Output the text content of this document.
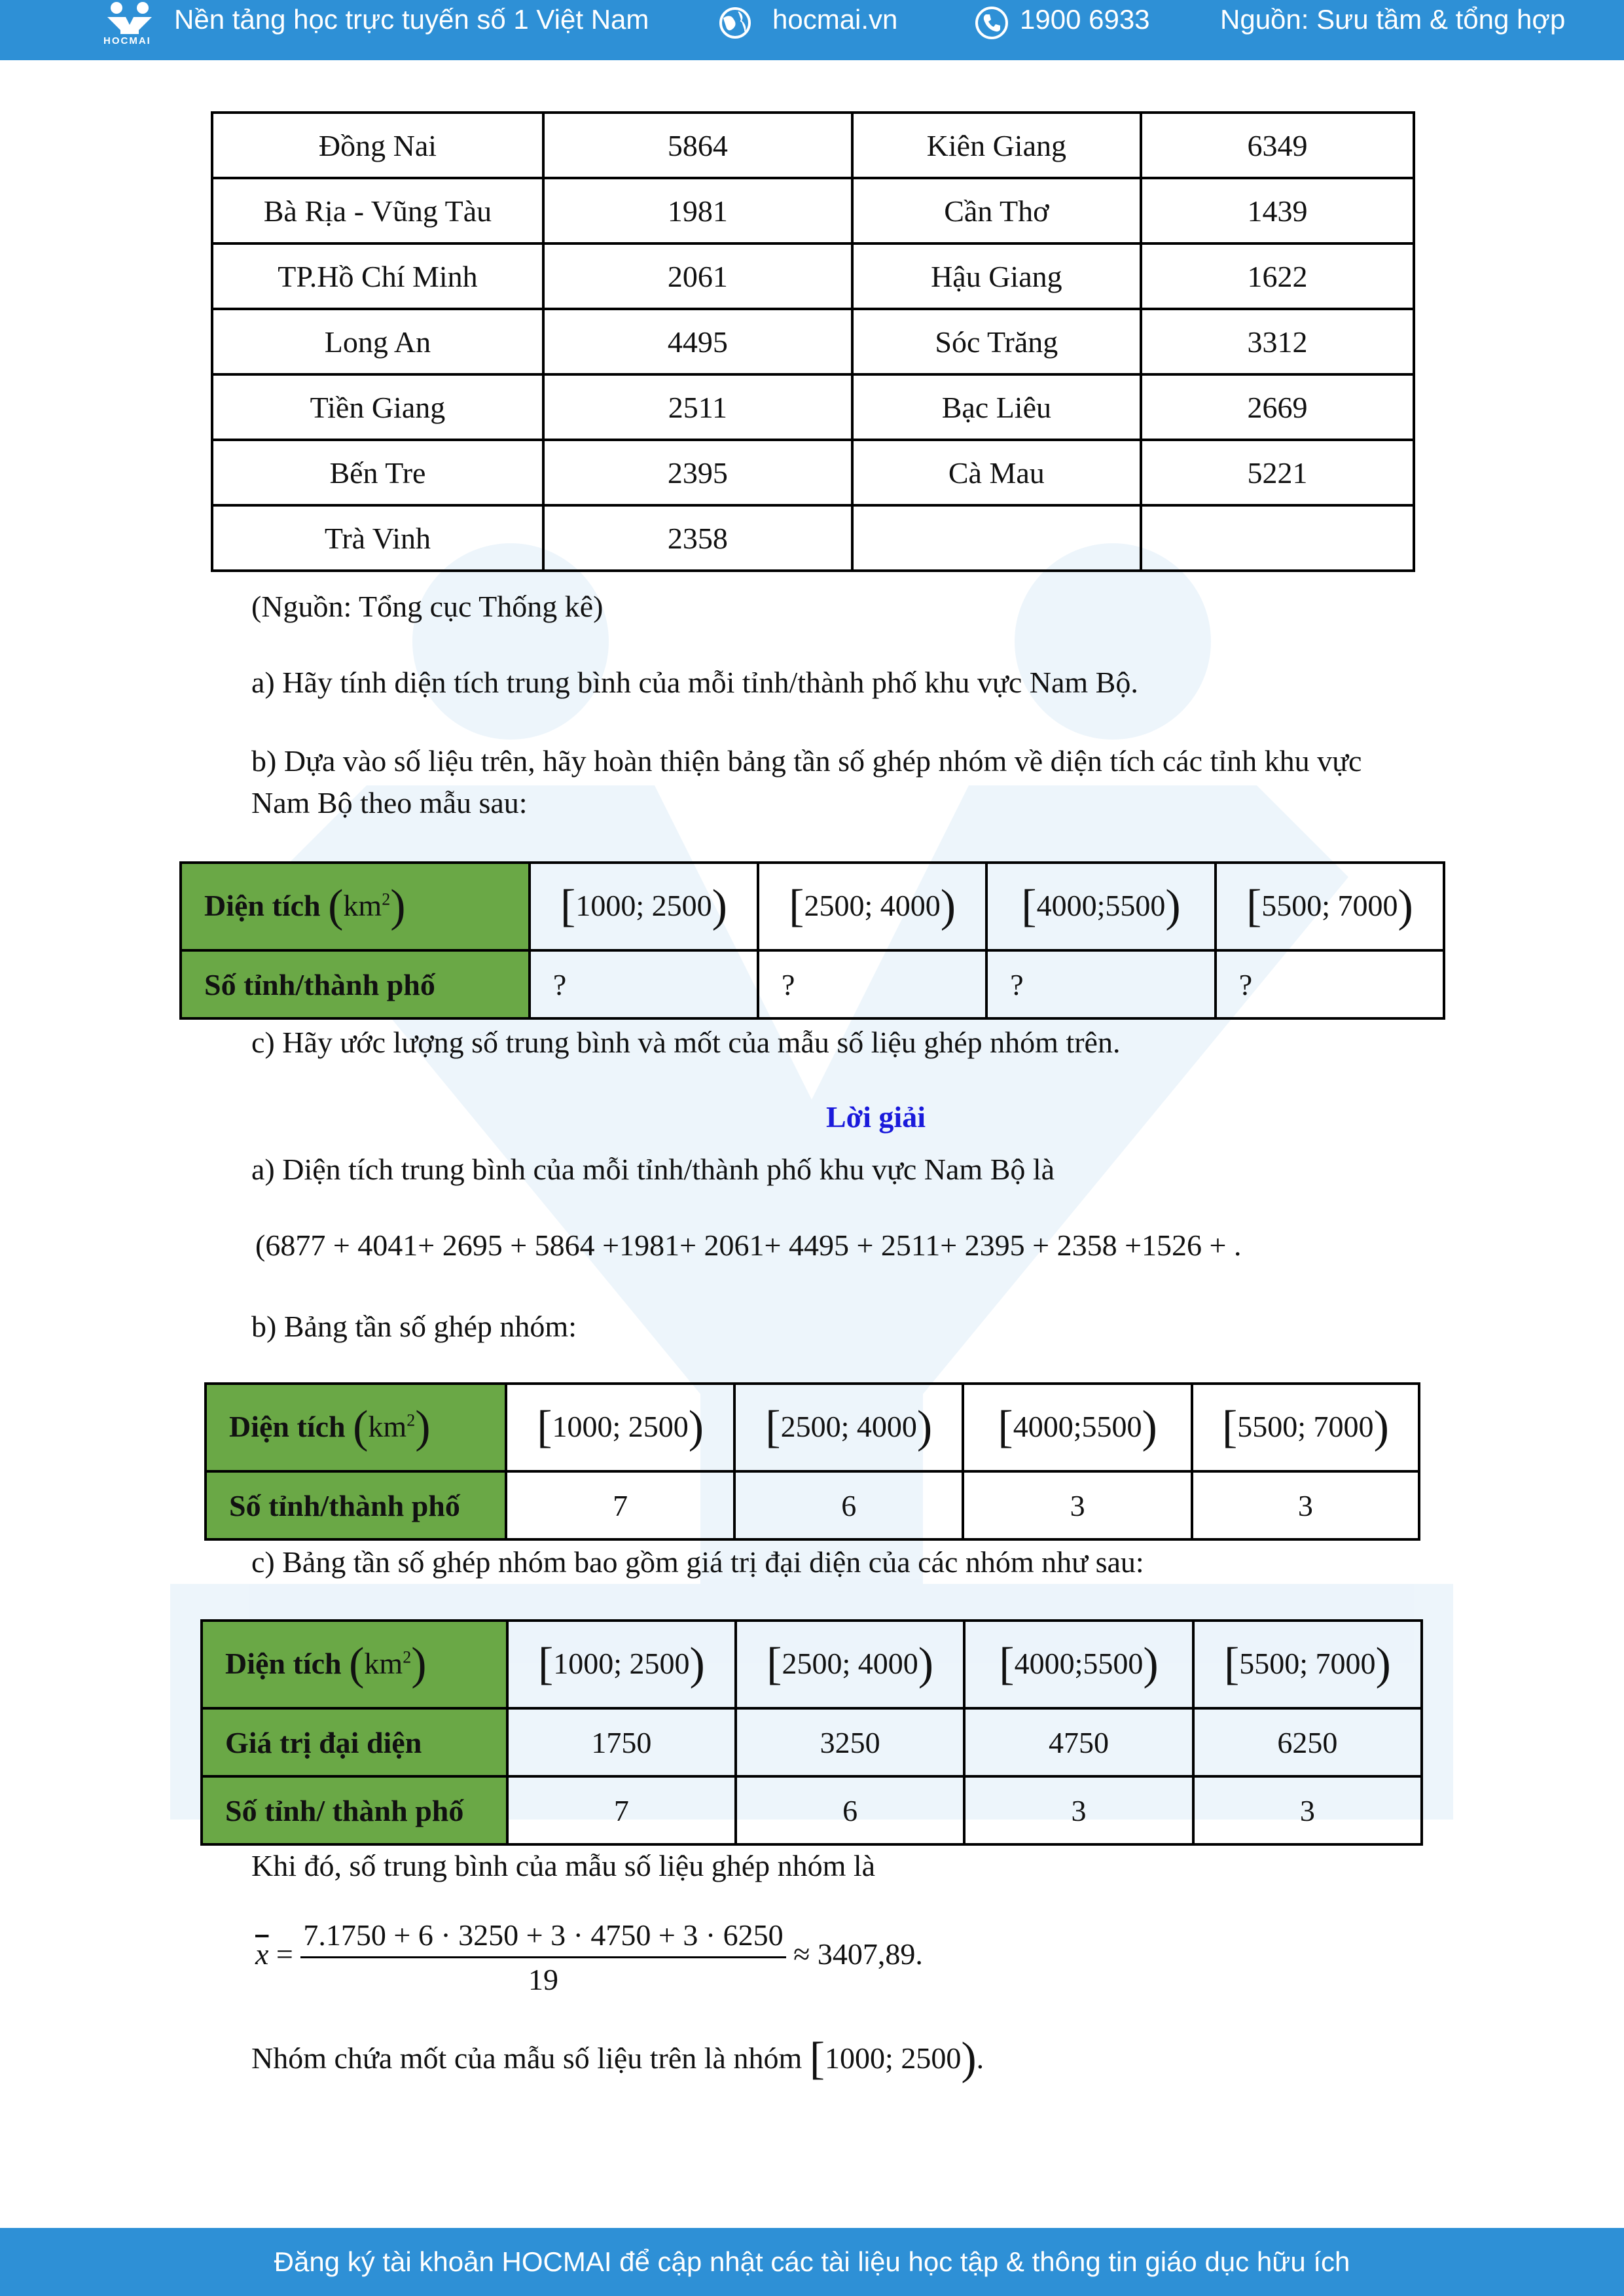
HOCMAI
Nền tảng học trực tuyến số 1 Việt Nam	hocmai.vn	1900 6933	Nguồn: Sưu tầm & tổng hợp
Đồng Nai	5864	Kiên Giang	6349
Bà Rịa - Vũng Tàu	1981	Cần Thơ	1439
TP.Hồ Chí Minh	2061	Hậu Giang	1622
Long An	4495	Sóc Trăng	3312
Tiền Giang	2511	Bạc Liêu	2669
Bến Tre	2395	Cà Mau	5221
Trà Vinh	2358		
(Nguồn: Tổng cục Thống kê)
a) Hãy tính diện tích trung bình của mỗi tỉnh/thành phố khu vực Nam Bộ.
b) Dựa vào số liệu trên, hãy hoàn thiện bảng tần số ghép nhóm về diện tích các tỉnh khu vực
Nam Bộ theo mẫu sau:
Diện tích $(km^2)$	[1000; 2500)	[2500; 4000)	[4000;5500)	[5500; 7000)
Số tỉnh/thành phố	?	?	?	?
c) Hãy ước lượng số trung bình và mốt của mẫu số liệu ghép nhóm trên.
Lời giải
a) Diện tích trung bình của mỗi tỉnh/thành phố khu vực Nam Bộ là
(6877 + 4041+ 2695 + 5864 +1981+ 2061+ 4495 + 2511+ 2395 + 2358 +1526 + .
b) Bảng tần số ghép nhóm:
Diện tích $(km^2)$	[1000; 2500)	[2500; 4000)	[4000;5500)	[5500; 7000)
Số tỉnh/thành phố	7	6	3	3
c) Bảng tần số ghép nhóm bao gồm giá trị đại diện của các nhóm như sau:
Diện tích $(km^2)$	[1000; 2500)	[2500; 4000)	[4000;5500)	[5500; 7000)
Giá trị đại diện	1750	3250	4750	6250
Số tỉnh/ thành phố	7	6	3	3
Khi đó, số trung bình của mẫu số liệu ghép nhóm là
$\overline{x} = \frac{7.1750 + 6 \cdot 3250 + 3 \cdot 4750 + 3 \cdot 6250}{19} \approx 3407,89$.
Nhóm chứa mốt của mẫu số liệu trên là nhóm [1000; 2500).
Đăng ký tài khoản HOCMAI để cập nhật các tài liệu học tập & thông tin giáo dục hữu ích
